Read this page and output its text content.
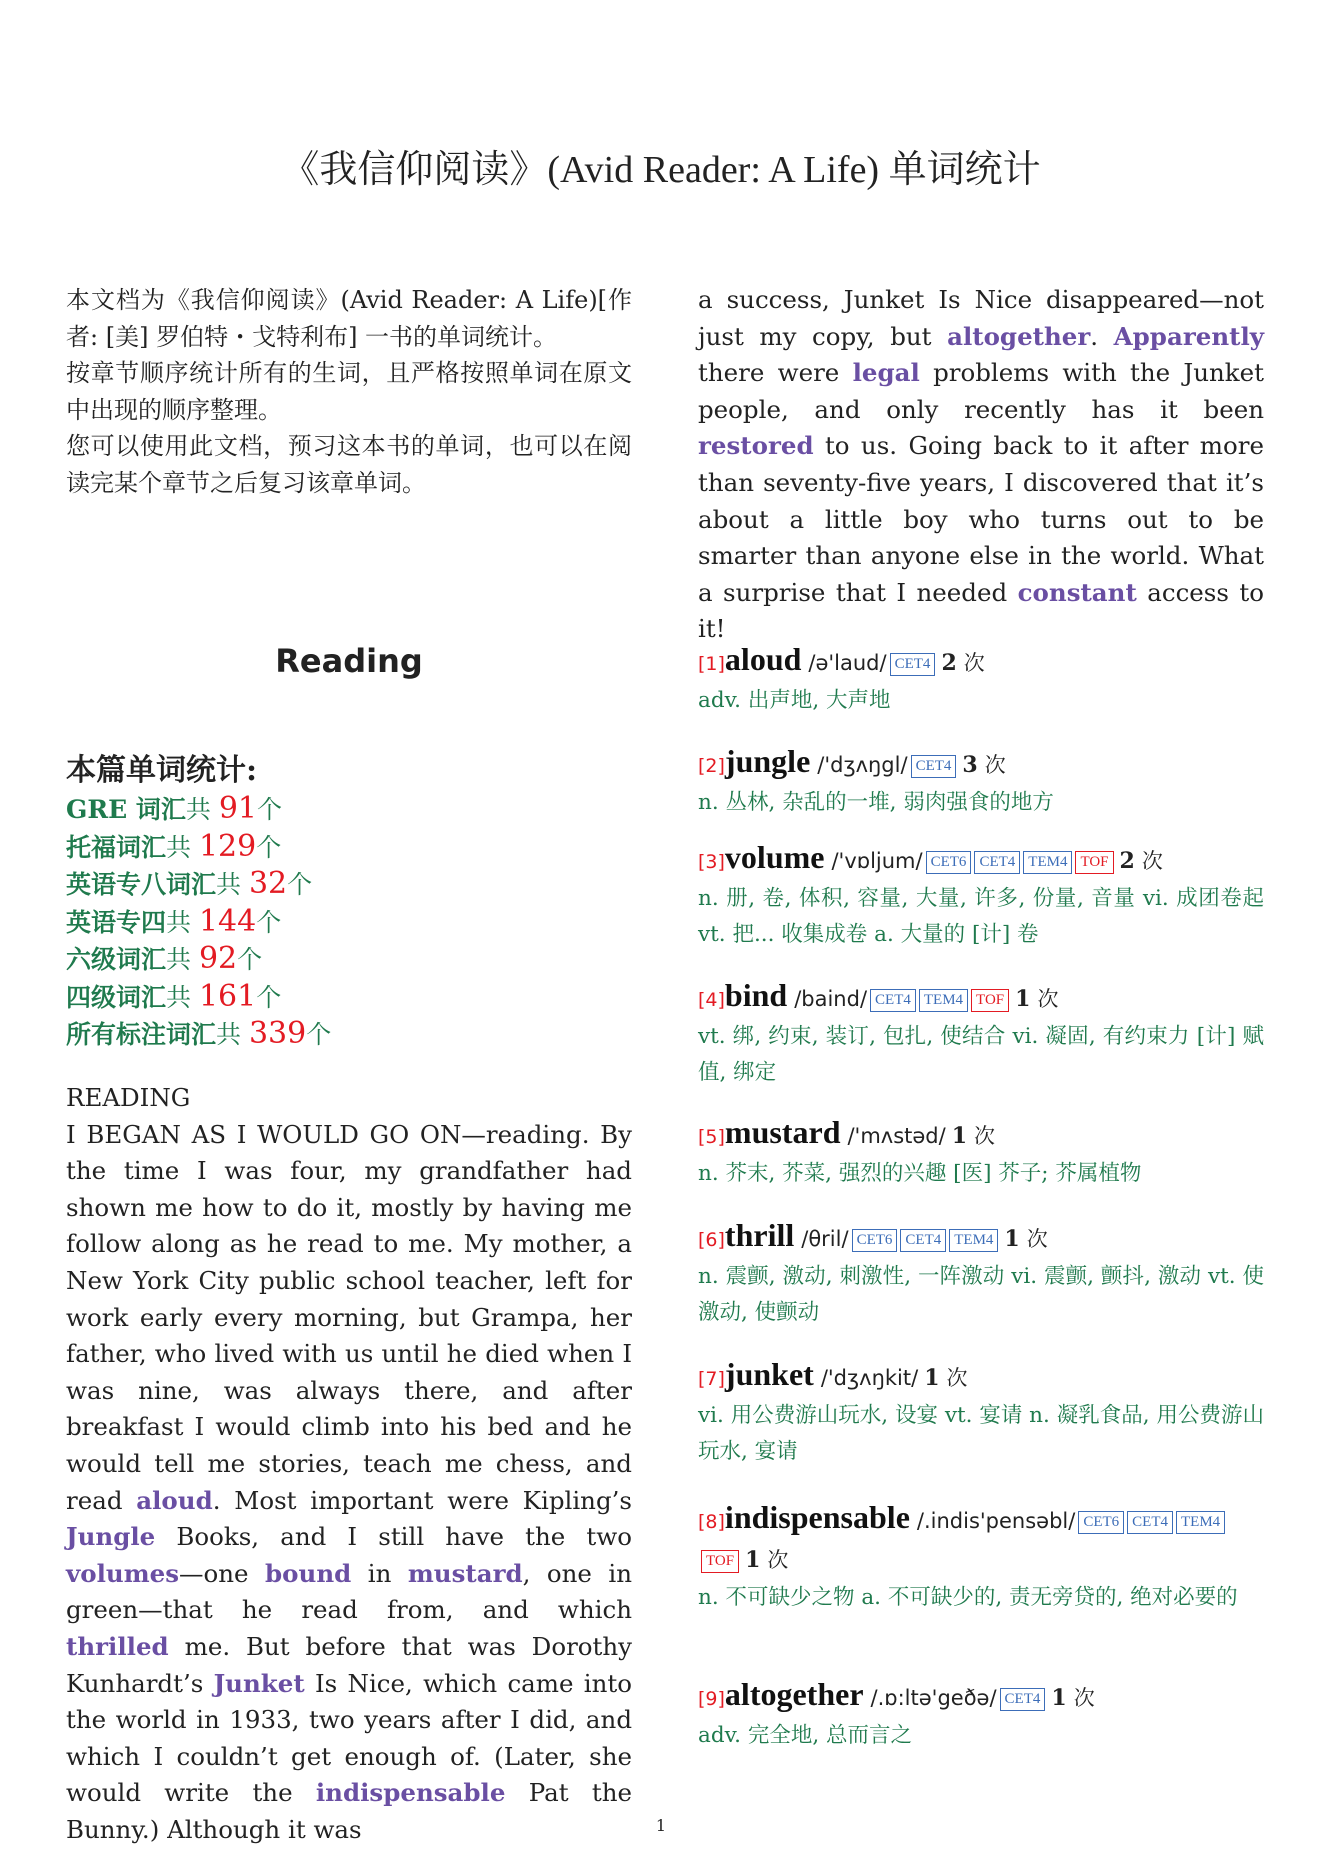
《我信仰阅读》(Avid Reader: A Life) 单词统计

本文档为《我信仰阅读》(Avid Reader: A Life)[作者: [美] 罗伯特・戈特利布] 一书的单词统计。

按章节顺序统计所有的生词，且严格按照单词在原文中出现的顺序整理。

您可以使用此文档，预习这本书的单词，也可以在阅读完某个章节之后复习该章单词。

Reading
本篇单词统计:
GRE 词汇共 91个
托福词汇共 129个
英语专八词汇共 32个
英语专四共 144个
六级词汇共 92个
四级词汇共 161个
所有标注词汇共 339个

READING

I BEGAN AS I WOULD GO ON—reading. By the time I was four, my grandfather had shown me how to do it, mostly by having me follow along as he read to me. My mother, a New York City public school teacher, left for work early every morning, but Grampa, her father, who lived with us until he died when I was nine, was always there, and after breakfast I would climb into his bed and he would tell me stories, teach me chess, and read aloud. Most important were Kipling’s Jungle Books, and I still have the two volumes—one bound in mustard, one in green—that he read from, and which thrilled me. But before that was Dorothy Kunhardt’s Junket Is Nice, which came into the world in 1933, two years after I did, and which I couldn’t get enough of. (Later, she would write the indispensable Pat the Bunny.) Although it was

a success, Junket Is Nice disappeared—not just my copy, but altogether. Apparently there were legal problems with the Junket people, and only recently has it been restored to us. Going back to it after more than seventy-five years, I discovered that it’s about a little boy who turns out to be smarter than anyone else in the world. What a surprise that I needed constant access to it!

[1]aloud /ə'laud/ CET4 2 次
adv. 出声地, 大声地
[2]jungle /'dʒʌŋgl/ CET4 3 次
n. 丛林, 杂乱的一堆, 弱肉强食的地方
[3]volume /'vɒljum/ CET6 CET4 TEM4 TOF 2 次
n. 册, 卷, 体积, 容量, 大量, 许多, 份量, 音量 vi. 成团卷起 vt. 把... 收集成卷 a. 大量的 [计] 卷
[4]bind /baind/ CET4 TEM4 TOF 1 次
vt. 绑, 约束, 装订, 包扎, 使结合 vi. 凝固, 有约束力 [计] 赋值, 绑定
[5]mustard /'mʌstəd/ 1 次
n. 芥末, 芥菜, 强烈的兴趣 [医] 芥子; 芥属植物
[6]thrill /θril/ CET6 CET4 TEM4 1 次
n. 震颤, 激动, 刺激性, 一阵激动 vi. 震颤, 颤抖, 激动 vt. 使激动, 使颤动
[7]junket /'dʒʌŋkit/ 1 次
vi. 用公费游山玩水, 设宴 vt. 宴请 n. 凝乳食品, 用公费游山玩水, 宴请
[8]indispensable /.indis'pensəbl/ CET6 CET4 TEM4TOF 1 次
n. 不可缺少之物 a. 不可缺少的, 责无旁贷的, 绝对必要的
[9]altogether /.ɒ:ltə'geðə/ CET4 1 次
adv. 完全地, 总而言之
1
